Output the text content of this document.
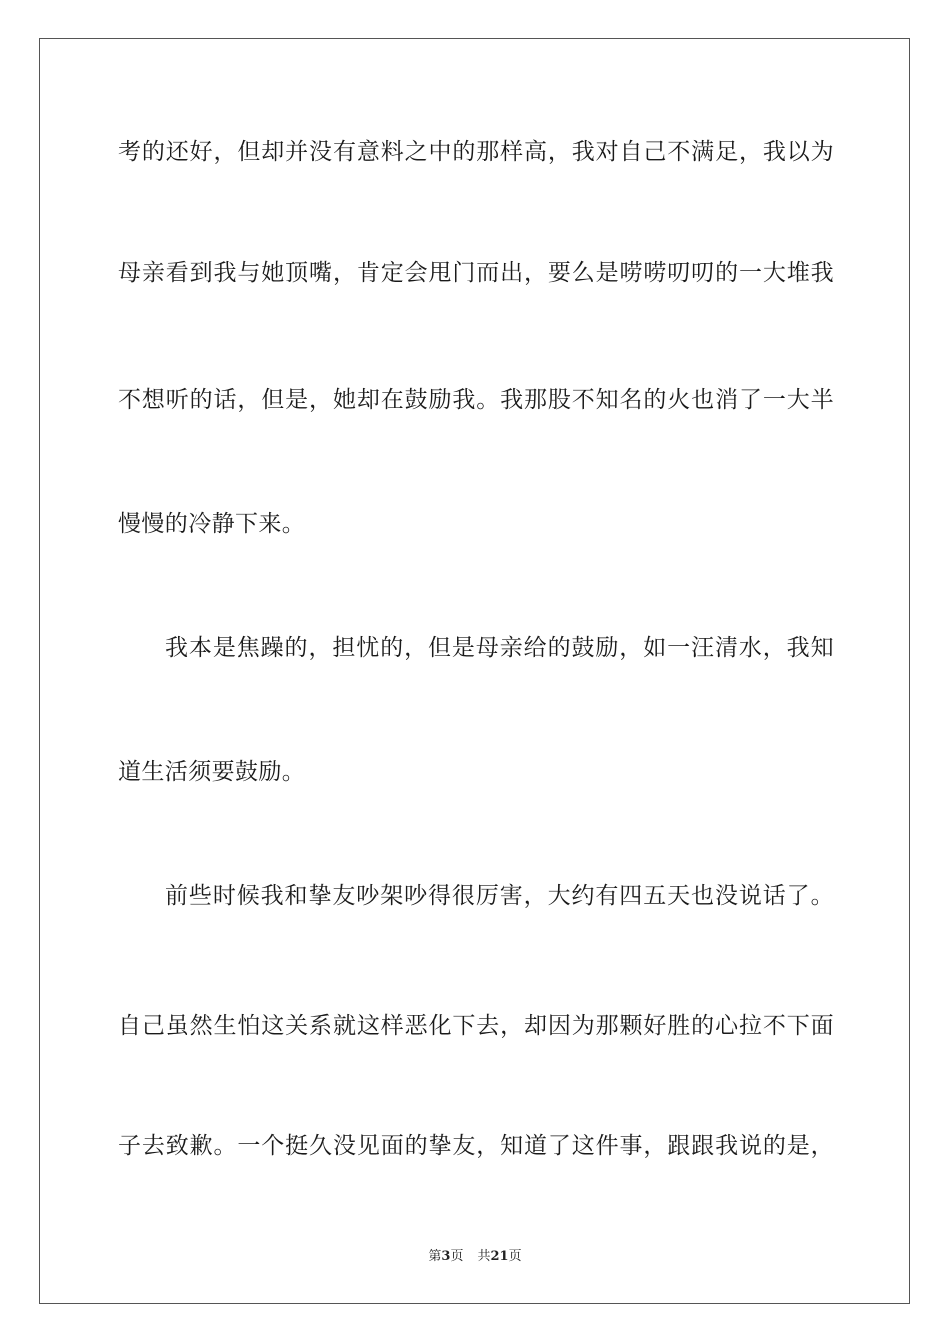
考的还好，但却并没有意料之中的那样高，我对自己不满足，我以为
母亲看到我与她顶嘴，肯定会甩门而出，要么是唠唠叨叨的一大堆我
不想听的话，但是，她却在鼓励我。我那股不知名的火也消了一大半
慢慢的冷静下来。
我本是焦躁的，担忧的，但是母亲给的鼓励，如一汪清水，我知
道生活须要鼓励。
前些时候我和挚友吵架吵得很厉害，大约有四五天也没说话了。
自己虽然生怕这关系就这样恶化下去，却因为那颗好胜的心拉不下面
子去致歉。一个挺久没见面的挚友，知道了这件事，跟跟我说的是，
第3页 共21页
